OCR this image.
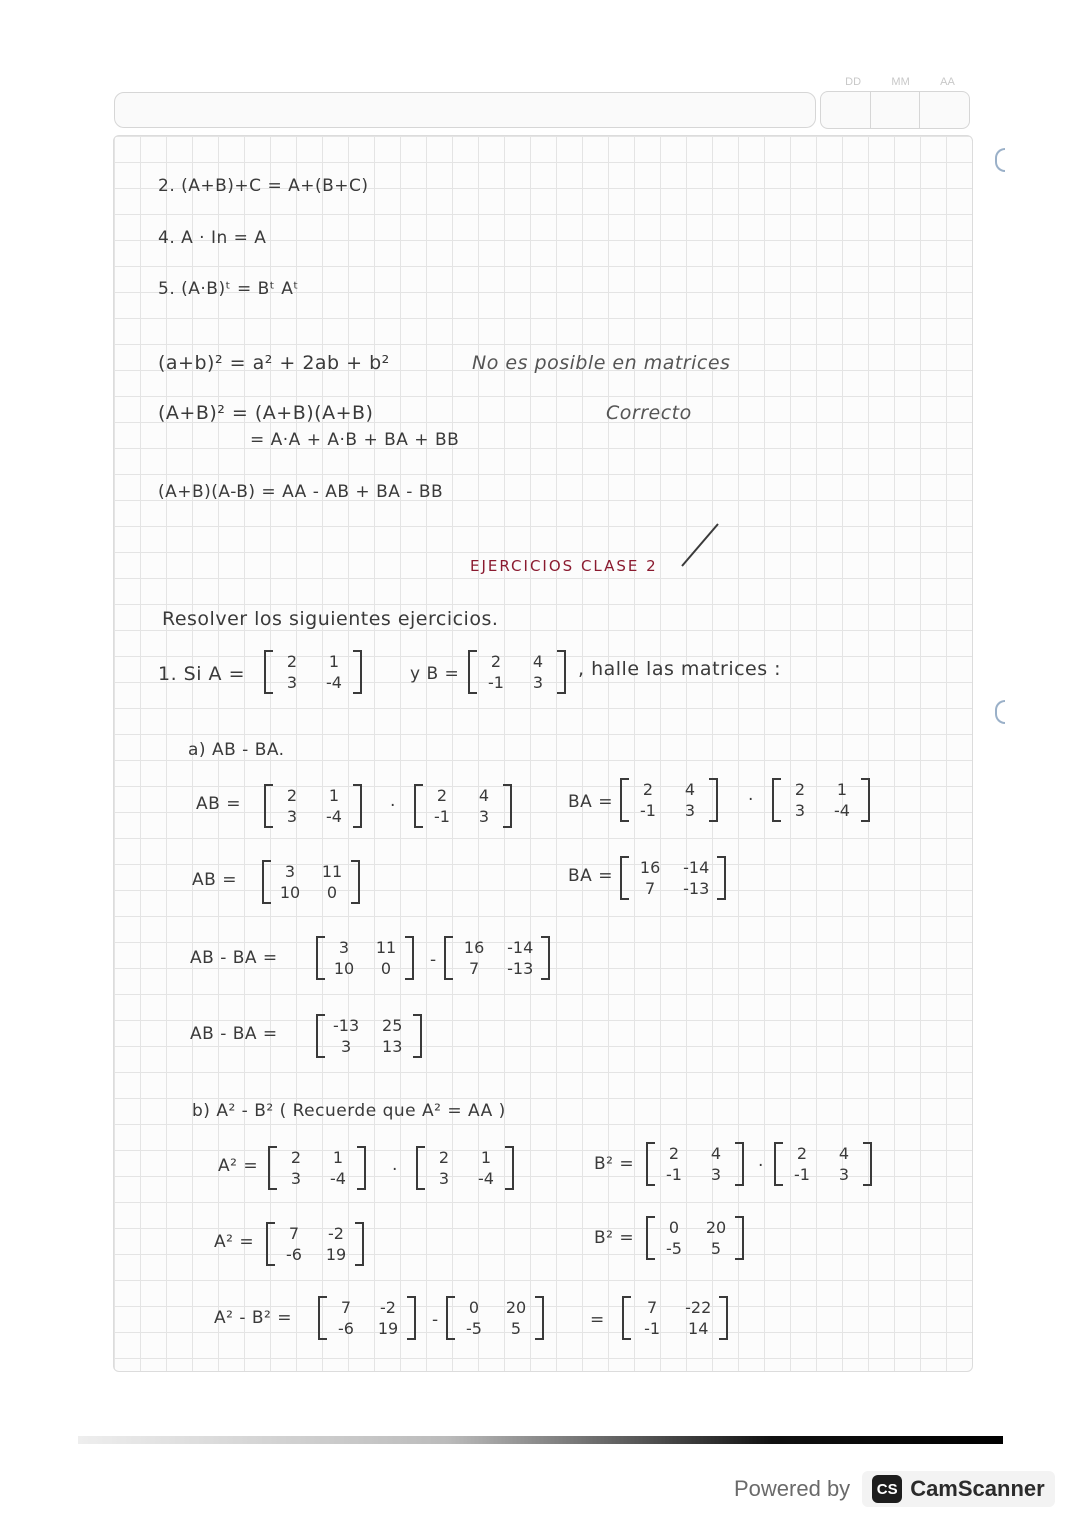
DD	MM	AA
2. (A+B)+C = A+(B+C)
4. A · In = A
5. (A·B)ᵗ = Bᵗ Aᵗ
(a+b)² = a² + 2ab + b²	No es posible en matrices
(A+B)² = (A+B)(A+B)	Correcto
= A·A + A·B + BA + BB
(A+B)(A-B) = AA - AB + BA - BB
EJERCICIOS CLASE 2
Resolver los siguientes ejercicios.
1. Si A =
2	1
3	-4	y B =
2	4
-1	3
, halle las matrices :
a) AB - BA.
AB =	2	1
3	-4
·
2	4
-1	3
BA =
2	4
-1	3
·
2	1
3	-4
AB =	3	11
10	0
BA = 16 -14
7	-13
AB - BA =
3	11
10	0	-
16 -14
7	-13
AB - BA =	-13 25
3	13
b) A² - B² ( Recuerde que A² = AA )
A² =	2	1
3	-4	·
2	1
3	-4
B² =
2	4
-1	3	·
2	4
-1	3
A² =	7	-2
-6 19
B² =
0	20
-5	5
A² - B² =
7	-2
-6 19 -
0	20
-5	5	=
7	-22
-1	14
Powered by	CS CamScanner
